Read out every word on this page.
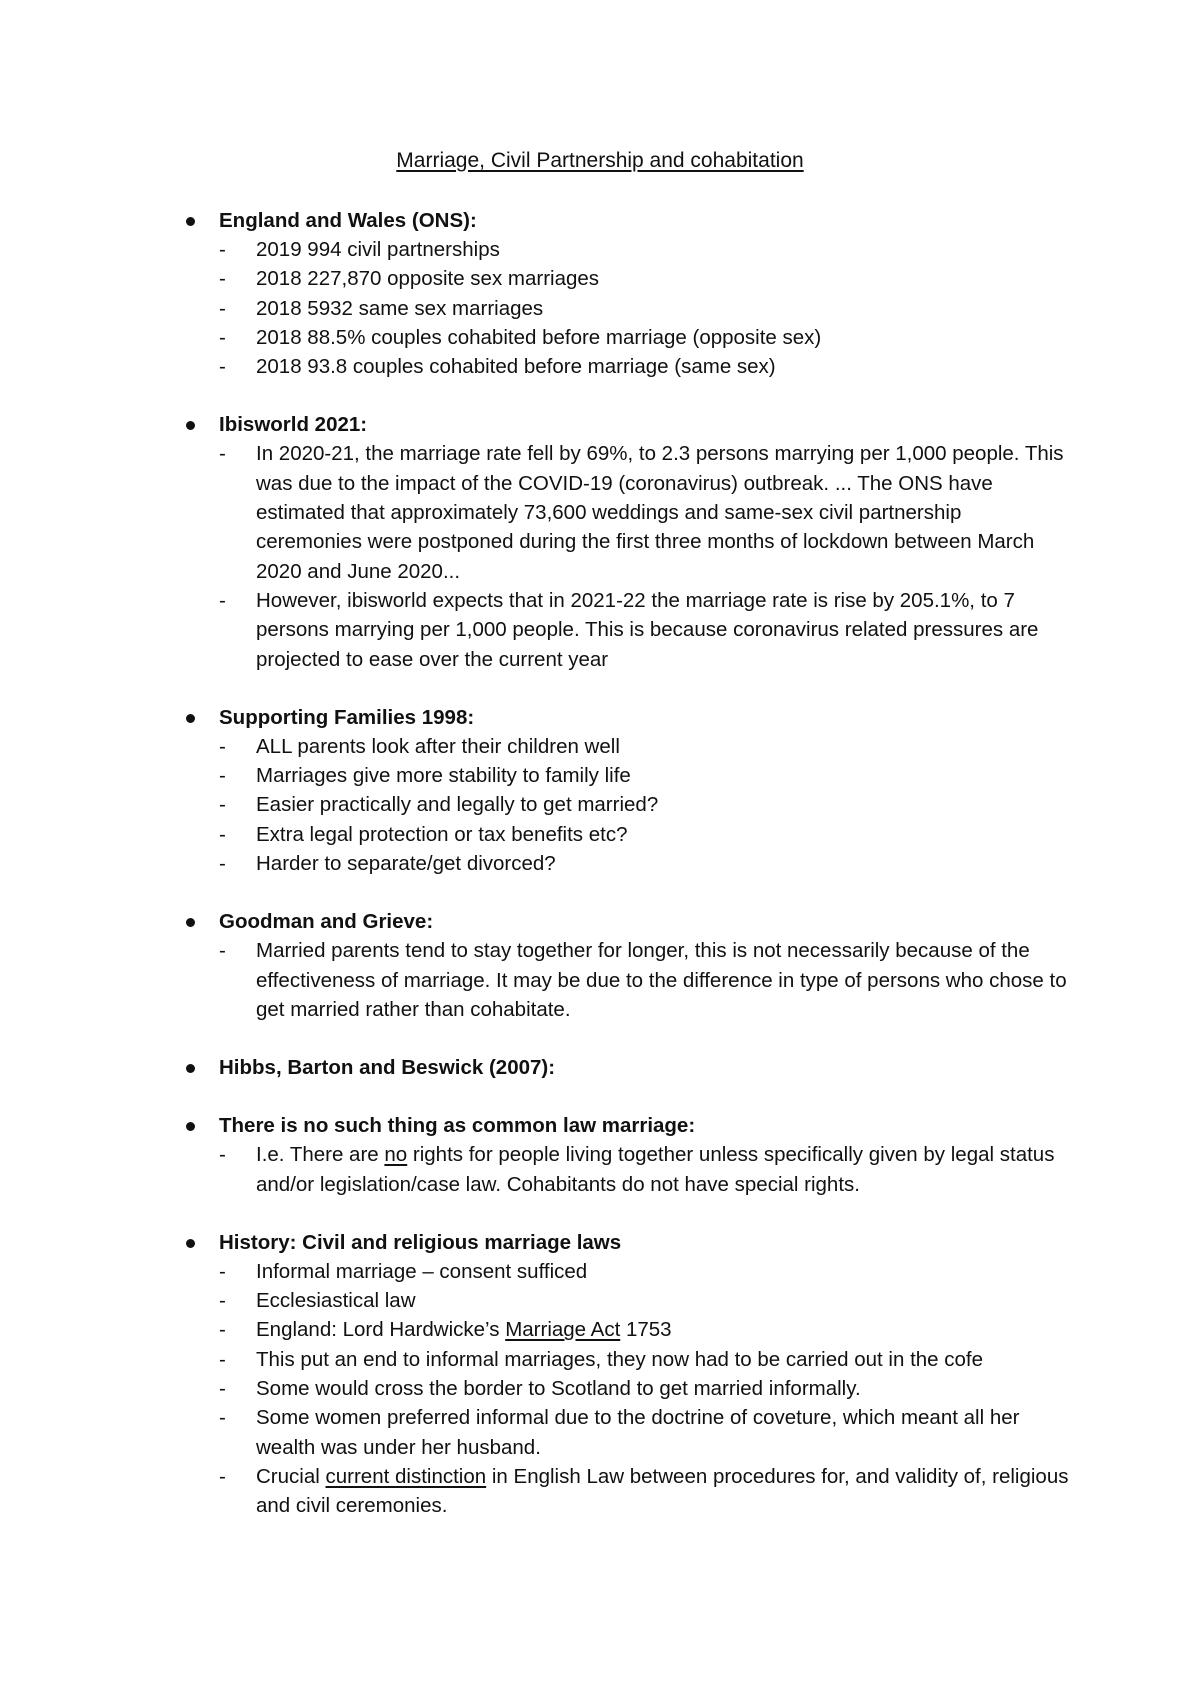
Marriage, Civil Partnership and cohabitation
England and Wales (ONS):
- 2019 994 civil partnerships
- 2018 227,870 opposite sex marriages
- 2018 5932 same sex marriages
- 2018 88.5% couples cohabited before marriage (opposite sex)
- 2018 93.8 couples cohabited before marriage (same sex)
Ibisworld 2021:
- In 2020-21, the marriage rate fell by 69%, to 2.3 persons marrying per 1,000 people. This was due to the impact of the COVID-19 (coronavirus) outbreak. ... The ONS have estimated that approximately 73,600 weddings and same-sex civil partnership ceremonies were postponed during the first three months of lockdown between March 2020 and June 2020...
- However, ibisworld expects that in 2021-22 the marriage rate is rise by 205.1%, to 7 persons marrying per 1,000 people. This is because coronavirus related pressures are projected to ease over the current year
Supporting Families 1998:
- ALL parents look after their children well
- Marriages give more stability to family life
- Easier practically and legally to get married?
- Extra legal protection or tax benefits etc?
- Harder to separate/get divorced?
Goodman and Grieve:
- Married parents tend to stay together for longer, this is not necessarily because of the effectiveness of marriage. It may be due to the difference in type of persons who chose to get married rather than cohabitate.
Hibbs, Barton and Beswick (2007):
There is no such thing as common law marriage:
- I.e. There are no rights for people living together unless specifically given by legal status and/or legislation/case law. Cohabitants do not have special rights.
History: Civil and religious marriage laws
- Informal marriage – consent sufficed
- Ecclesiastical law
- England: Lord Hardwicke’s Marriage Act 1753
- This put an end to informal marriages, they now had to be carried out in the cofe
- Some would cross the border to Scotland to get married informally.
- Some women preferred informal due to the doctrine of coveture, which meant all her wealth was under her husband.
- Crucial current distinction in English Law between procedures for, and validity of, religious and civil ceremonies.
